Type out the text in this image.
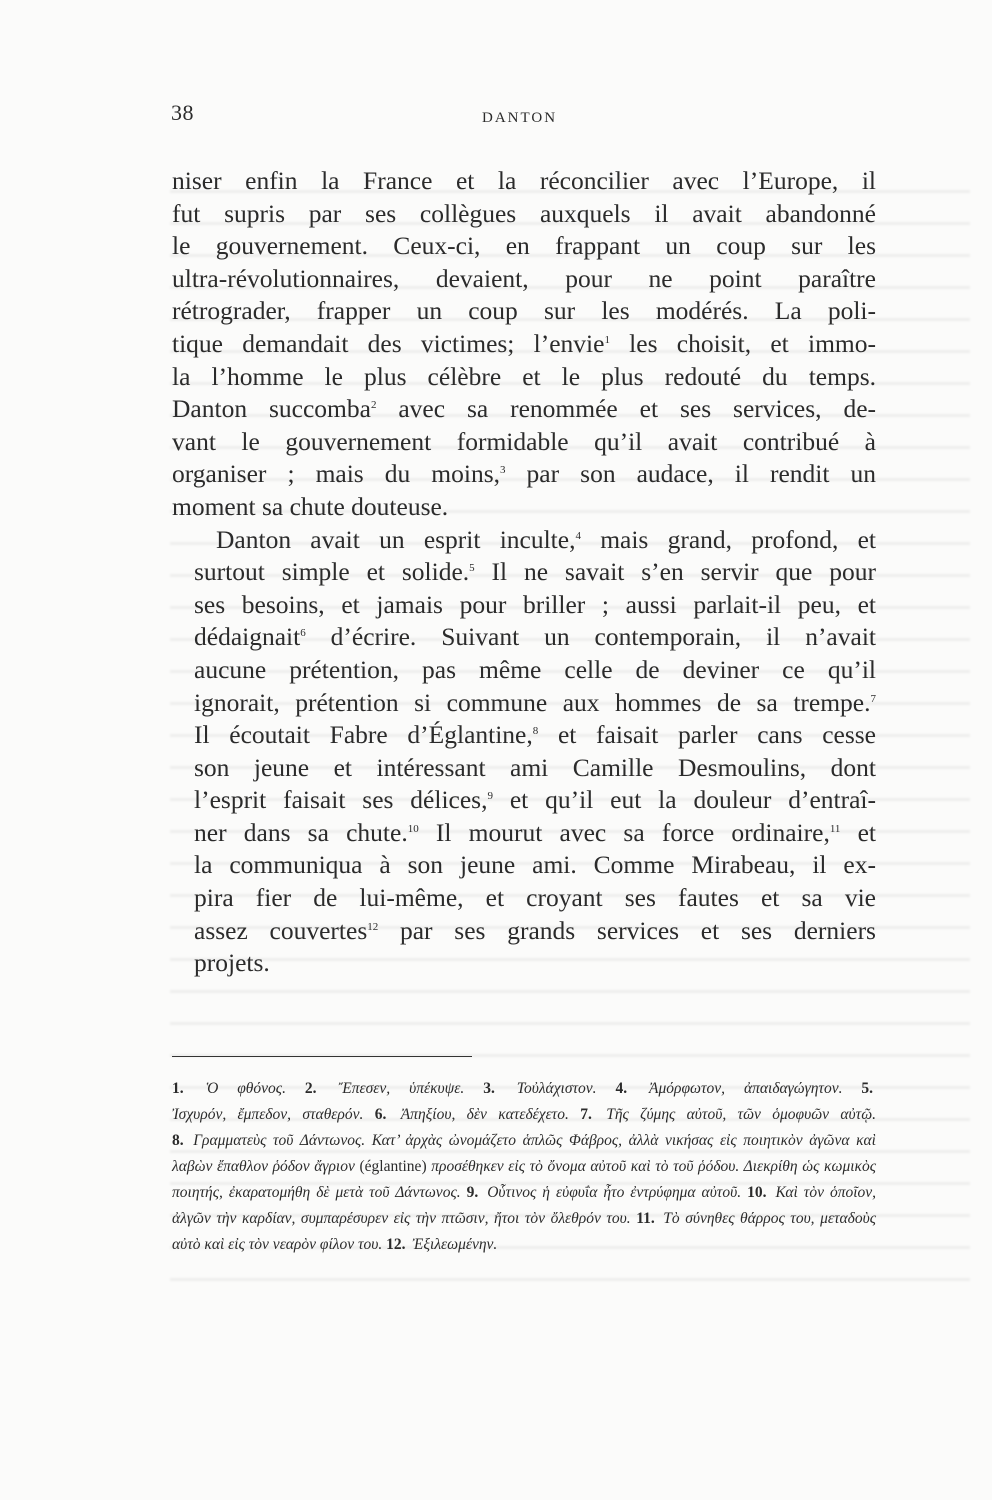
38	DANTON

niser enfin la France et la réconcilier avec l’Europe, il
fut supris par ses collègues auxquels il avait abandonné
le gouvernement. Ceux-ci, en frappant un coup sur les
ultra-révolutionnaires, devaient, pour ne point paraître
rétrograder, frapper un coup sur les modérés. La poli-
tique demandait des victimes; l’envie$^1$ les choisit, et immo-
la l’homme le plus célèbre et le plus redouté du temps.
Danton succomba$^2$ avec sa renommée et ses services, de-
vant le gouvernement formidable qu’il avait contribué à
organiser ; mais du moins,$^3$ par son audace, il rendit un
moment sa chute douteuse.

Danton avait un esprit inculte,$^4$ mais grand, profond, et
surtout simple et solide.$^5$ Il ne savait s’en servir que pour
ses besoins, et jamais pour briller ; aussi parlait-il peu, et
dédaignait$^6$ d’écrire. Suivant un contemporain, il n’avait
aucune prétention, pas même celle de deviner ce qu’il
ignorait, prétention si commune aux hommes de sa trempe.$^7$
Il écoutait Fabre d’Églantine,$^8$ et faisait parler cans cesse
son jeune et intéressant ami Camille Desmoulins, dont
l’esprit faisait ses délices,$^9$ et qu’il eut la douleur d’entraî-
ner dans sa chute.$^{10}$ Il mourut avec sa force ordinaire,$^{11}$ et
la communiqua à son jeune ami. Comme Mirabeau, il ex-
pira fier de lui-même, et croyant ses fautes et sa vie
assez couvertes$^{12}$ par ses grands services et ses derniers
projets.

1. Ὁ φθόνος. 2. Ἔπεσεν, ὑπέκυψε. 3. Τοὐλάχιστον. 4. Ἀμόρφωτον, ἀπαιδαγώγητον. 5.
Ἰσχυρόν, ἔμπεδον, σταθερόν. 6. Ἀπηξίου, δὲν κατεδέχετο. 7. Τῆς ζύμης αὐτοῦ, τῶν ὁμοφυῶν αὐτῷ.
8. Γραμματεὺς τοῦ Δάντωνος. Κατ’ ἀρχὰς ὠνομάζετο ἁπλῶς Φάβρος, ἀλλὰ νικήσας εἰς ποιητικὸν ἀγῶνα καὶ λαβὼν ἔπαθλον ῥόδον ἄγριον (églantine) προσέθηκεν εἰς τὸ ὄνομα αὐτοῦ καὶ τὸ τοῦ ῥόδου. Διεκρίθη ὡς κωμικὸς ποιητής, ἐκαρατομήθη δὲ μετὰ τοῦ Δάντωνος. 9. Οὗτινος ἡ εὐφυΐα ἦτο ἐντρύφημα αὐτοῦ. 10. Καὶ τὸν ὁποῖον, ἀλγῶν τὴν καρδίαν, συμπαρέσυρεν εἰς τὴν πτῶσιν, ἤτοι τὸν ὄλεθρόν του. 11. Τὸ σύνηθες θάρρος του, μεταδοὺς αὐτὸ καὶ εἰς τὸν νεαρὸν φίλον του. 12. Ἐξιλεωμένην.
